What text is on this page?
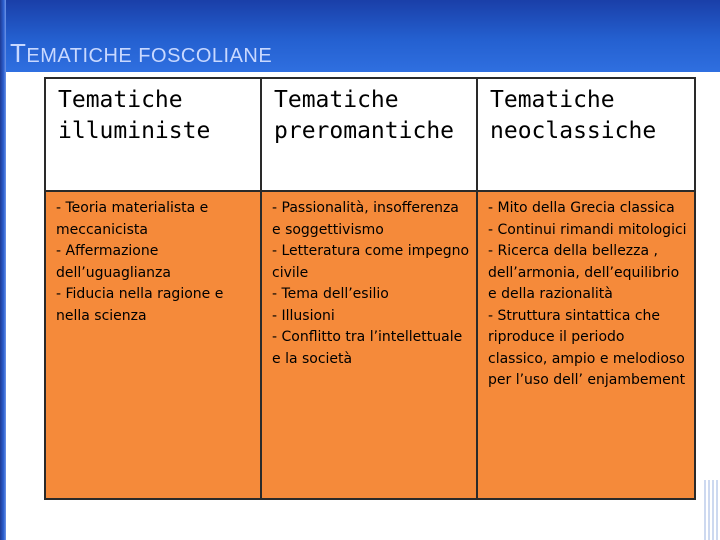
TEMATICHE FOSCOLIANE
Tematiche
illuministe
Tematiche
preromantiche
Tematiche
neoclassiche

- Teoria materialista e meccanicista

- Affermazione dell’uguaglianza

- Fiducia nella ragione e nella scienza

- Passionalità, insofferenza e soggettivismo

- Letteratura come impegno civile

- Tema dell’esilio

- Illusioni

- Conflitto tra l’intellettuale e la società

- Mito della Grecia classica

- Continui rimandi mitologici

- Ricerca della bellezza , dell’armonia, dell’equilibrio e della razionalità

- Struttura sintattica che riproduce il periodo classico, ampio e melodioso per l’uso dell’ enjambement
